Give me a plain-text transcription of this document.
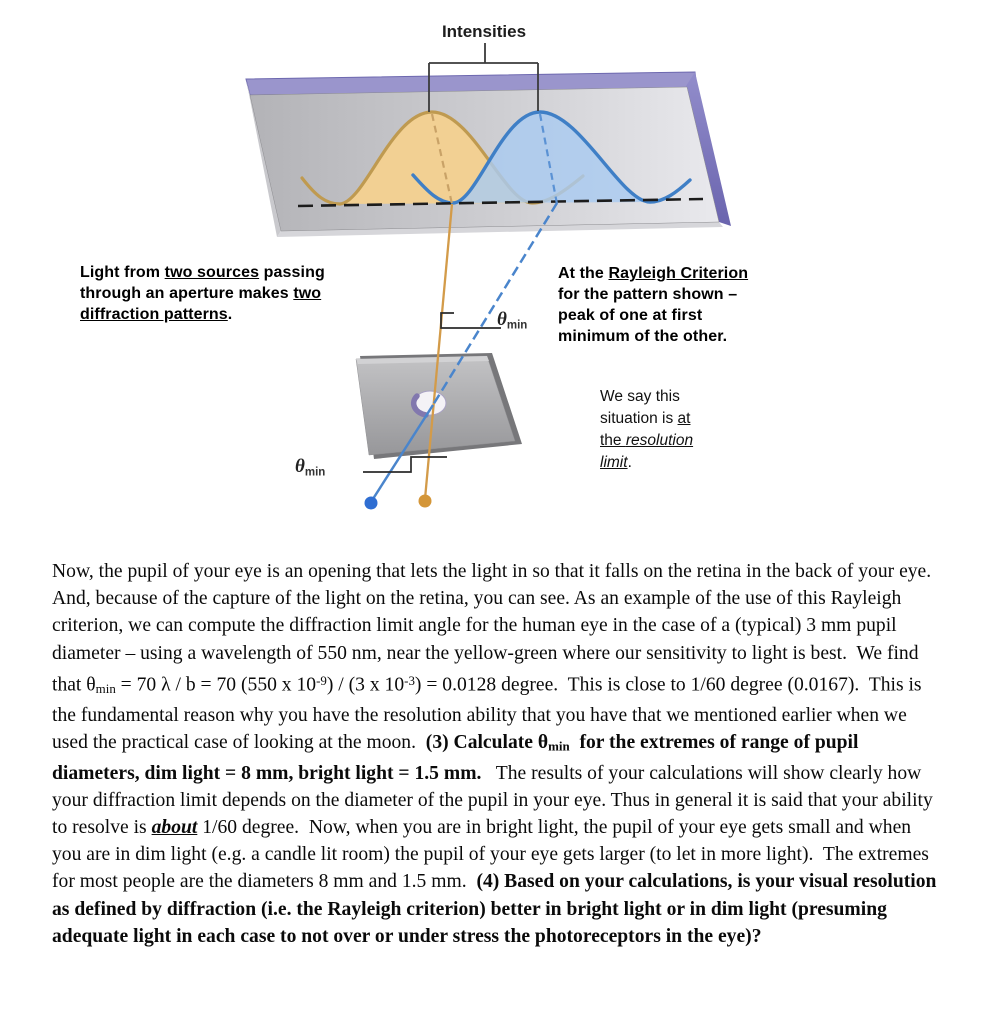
Intensities
θmin
θmin
Light from two sources passing
through an aperture makes two
diffraction patterns.
At the Rayleigh Criterion
for the pattern shown –
peak of one at first
minimum of the other.
We say this
situation is at
the resolution
limit.

Now, the pupil of your eye is an opening that lets the light in so that it falls on the retina in the back of your eye.  And, because of the capture of the light on the retina, you can see. As an example of the use of this Rayleigh criterion, we can compute the diffraction limit angle for the human eye in the case of a (typical) 3 mm pupil diameter – using a wavelength of 550 nm, near the yellow-green where our sensitivity to light is best.  We find that θmin = 70 λ / b = 70 (550 x $10^{-9}) / (3$ x $10^{-3}) = 0.0128$ degree.  This is close to 1/60 degree (0.0167).  This is the fundamental reason why you have the resolution ability that you have that we mentioned earlier when we used the practical case of looking at the moon.  (3) Calculate θmin  for the extremes of range of pupil diameters, dim light = 8 mm, bright light = 1.5 mm.   The results of your calculations will show clearly how your diffraction limit depends on the diameter of the pupil in your eye. Thus in general it is said that your ability to resolve is about 1/60 degree.  Now, when you are in bright light, the pupil of your eye gets small and when you are in dim light (e.g. a candle lit room) the pupil of your eye gets larger (to let in more light).  The extremes for most people are the diameters 8 mm and 1.5 mm.  (4) Based on your calculations, is your visual resolution as defined by diffraction (i.e. the Rayleigh criterion) better in bright light or in dim light (presuming adequate light in each case to not over or under stress the photoreceptors in the eye)?
